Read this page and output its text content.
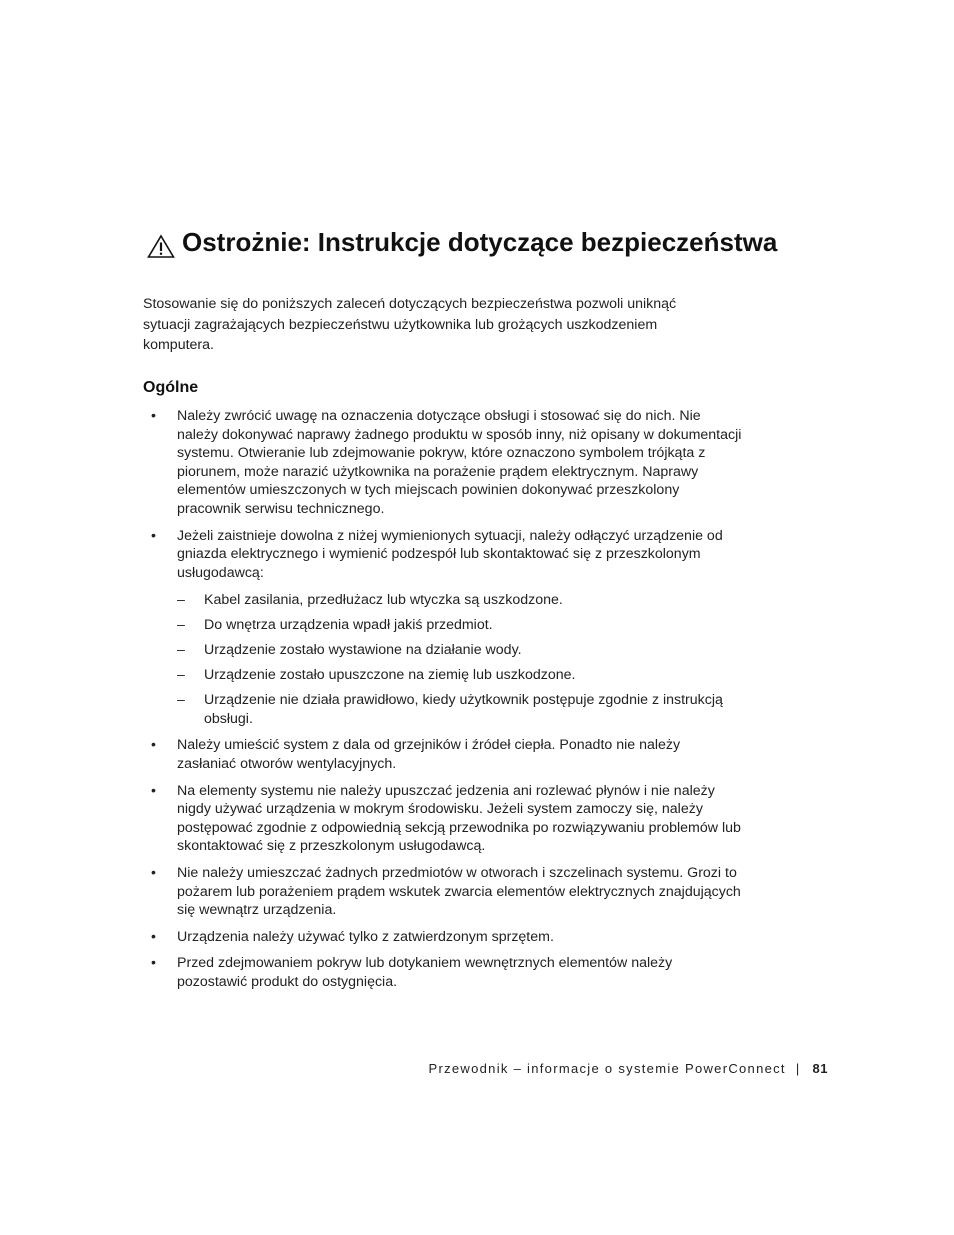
Ostrożnie: Instrukcje dotyczące bezpieczeństwa

Stosowanie się do poniższych zaleceń dotyczących bezpieczeństwa pozwoli uniknąć sytuacji zagrażających bezpieczeństwu użytkownika lub grożących uszkodzeniem komputera.

Ogólne
• Należy zwrócić uwagę na oznaczenia dotyczące obsługi i stosować się do nich. Nie należy dokonywać naprawy żadnego produktu w sposób inny, niż opisany w dokumentacji systemu. Otwieranie lub zdejmowanie pokryw, które oznaczono symbolem trójkąta z piorunem, może narazić użytkownika na porażenie prądem elektrycznym. Naprawy elementów umieszczonych w tych miejscach powinien dokonywać przeszkolony pracownik serwisu technicznego.
• Jeżeli zaistnieje dowolna z niżej wymienionych sytuacji, należy odłączyć urządzenie od gniazda elektrycznego i wymienić podzespół lub skontaktować się z przeszkolonym usługodawcą:
– Kabel zasilania, przedłużacz lub wtyczka są uszkodzone.
– Do wnętrza urządzenia wpadł jakiś przedmiot.
– Urządzenie zostało wystawione na działanie wody.
– Urządzenie zostało upuszczone na ziemię lub uszkodzone.
– Urządzenie nie działa prawidłowo, kiedy użytkownik postępuje zgodnie z instrukcją obsługi.
• Należy umieścić system z dala od grzejników i źródeł ciepła. Ponadto nie należy zasłaniać otworów wentylacyjnych.
• Na elementy systemu nie należy upuszczać jedzenia ani rozlewać płynów i nie należy nigdy używać urządzenia w mokrym środowisku. Jeżeli system zamoczy się, należy postępować zgodnie z odpowiednią sekcją przewodnika po rozwiązywaniu problemów lub skontaktować się z przeszkolonym usługodawcą.
• Nie należy umieszczać żadnych przedmiotów w otworach i szczelinach systemu. Grozi to pożarem lub porażeniem prądem wskutek zwarcia elementów elektrycznych znajdujących się wewnątrz urządzenia.
• Urządzenia należy używać tylko z zatwierdzonym sprzętem.
• Przed zdejmowaniem pokryw lub dotykaniem wewnętrznych elementów należy pozostawić produkt do ostygnięcia.
Przewodnik – informacje o systemie PowerConnect | 81
